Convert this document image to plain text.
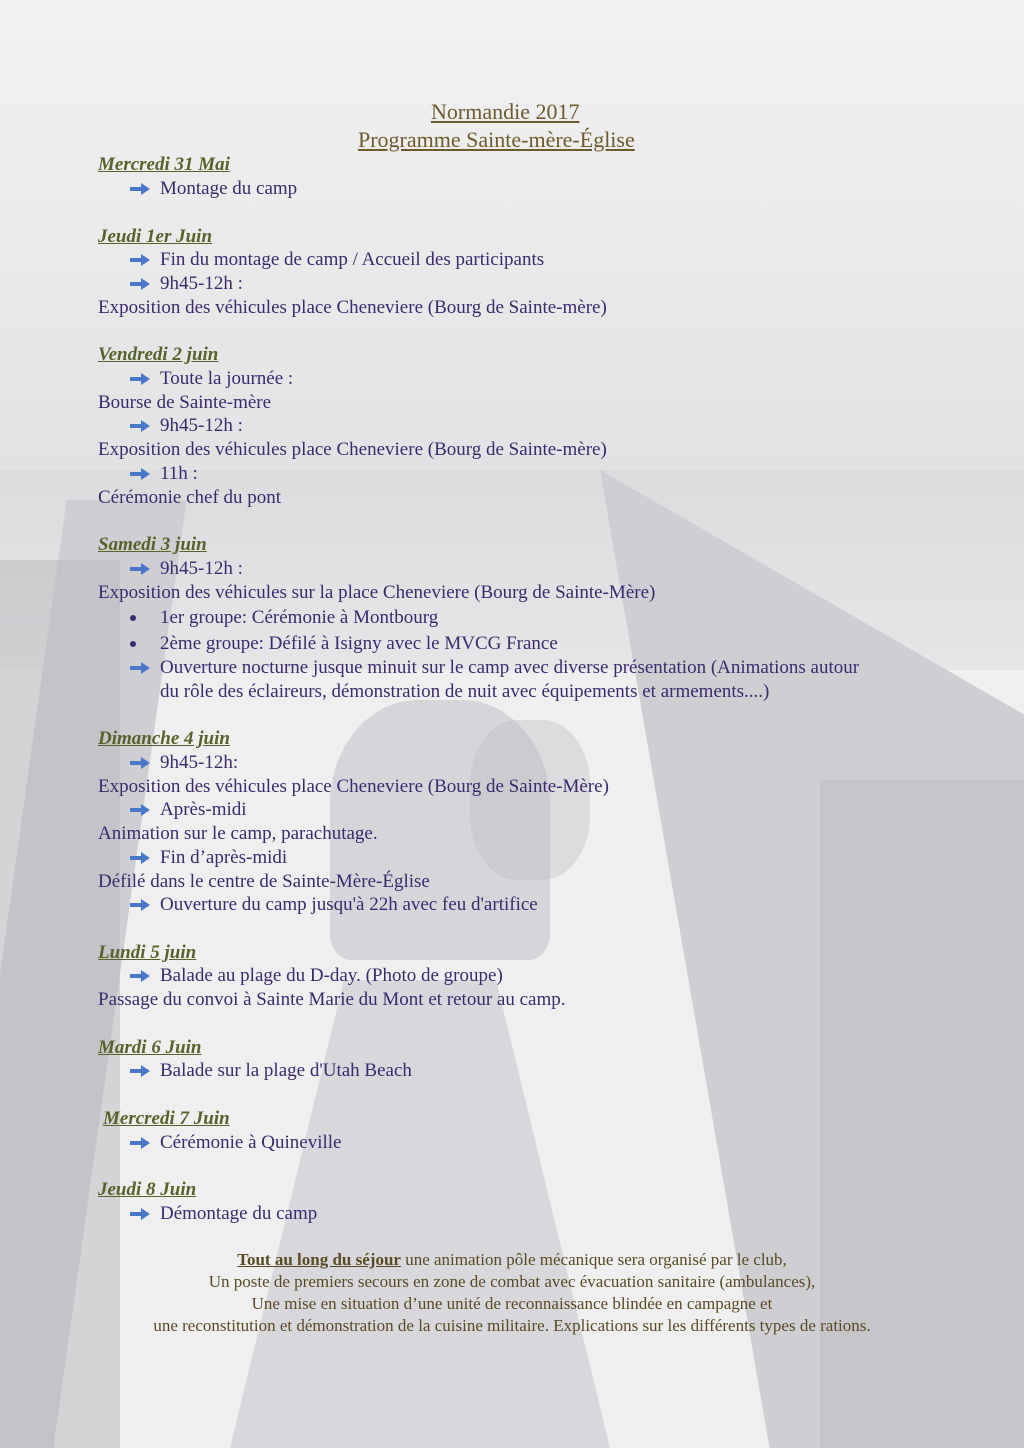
Normandie 2017
Programme Sainte-mère-Église
Mercredi 31 Mai
Montage du camp
Jeudi 1er Juin
Fin du montage de camp / Accueil des participants
9h45-12h :
Exposition des véhicules place Cheneviere (Bourg de Sainte-mère)
Vendredi 2 juin
Toute la journée :
Bourse de Sainte-mère
9h45-12h :
Exposition des véhicules place Cheneviere (Bourg de Sainte-mère)
11h :
Cérémonie chef du pont
Samedi 3 juin
9h45-12h :
Exposition des véhicules sur la place Cheneviere (Bourg de Sainte-Mère)
1er groupe: Cérémonie à Montbourg
2ème groupe: Défilé à Isigny avec le MVCG France
Ouverture nocturne jusque minuit sur le camp avec diverse présentation (Animations autour
du rôle des éclaireurs, démonstration de nuit avec équipements et armements....)
Dimanche 4 juin
9h45-12h:
Exposition des véhicules place Cheneviere (Bourg de Sainte-Mère)
Après-midi
Animation sur le camp, parachutage.
Fin d’après-midi
Défilé dans le centre de Sainte-Mère-Église
Ouverture du camp jusqu'à 22h avec feu d'artifice
Lundi 5 juin
Balade au plage du D-day. (Photo de groupe)
Passage du convoi à Sainte Marie du Mont et retour au camp.
Mardi 6 Juin
Balade sur la plage d'Utah Beach
Mercredi 7 Juin
Cérémonie à Quineville
Jeudi 8 Juin
Démontage du camp
Tout au long du séjour une animation pôle mécanique sera organisé par le club,
Un poste de premiers secours en zone de combat avec évacuation sanitaire (ambulances),
Une mise en situation d’une unité de reconnaissance blindée en campagne et
une reconstitution et démonstration de la cuisine militaire. Explications sur les différents types de rations.
